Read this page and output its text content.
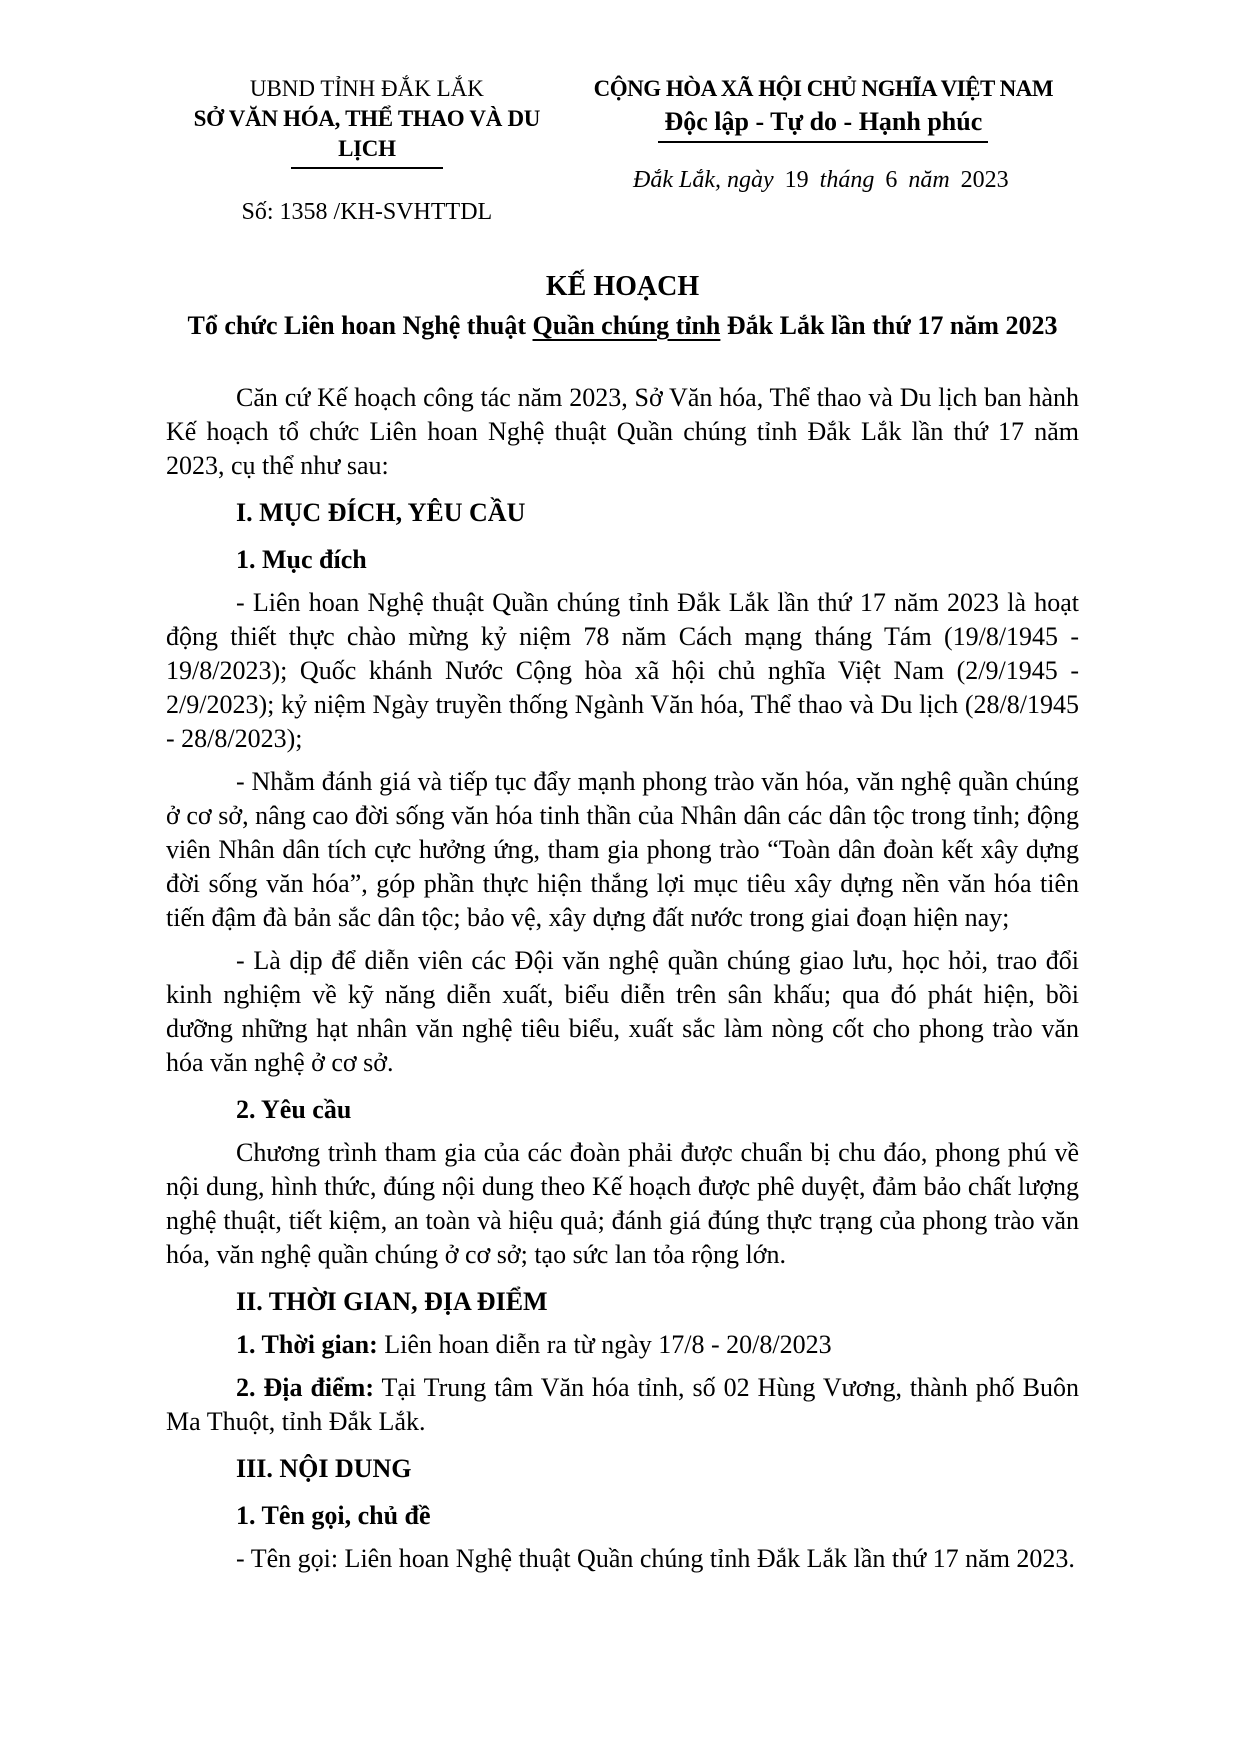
UBND TỈNH ĐẮK LẮK
SỞ VĂN HÓA, THỂ THAO VÀ DU LỊCH
Số: 1358 /KH-SVHTTDL
CỘNG HÒA XÃ HỘI CHỦ NGHĨA VIỆT NAM
Độc lập - Tự do - Hạnh phúc
Đắk Lắk, ngày 19 tháng 6 năm 2023
KẾ HOẠCH
Tổ chức Liên hoan Nghệ thuật Quần chúng tỉnh Đắk Lắk lần thứ 17 năm 2023

Căn cứ Kế hoạch công tác năm 2023, Sở Văn hóa, Thể thao và Du lịch ban hành Kế hoạch tổ chức Liên hoan Nghệ thuật Quần chúng tỉnh Đắk Lắk lần thứ 17 năm 2023, cụ thể như sau:

I. MỤC ĐÍCH, YÊU CẦU
1. Mục đích

- Liên hoan Nghệ thuật Quần chúng tỉnh Đắk Lắk lần thứ 17 năm 2023 là hoạt động thiết thực chào mừng kỷ niệm 78 năm Cách mạng tháng Tám (19/8/1945 - 19/8/2023); Quốc khánh Nước Cộng hòa xã hội chủ nghĩa Việt Nam (2/9/1945 - 2/9/2023); kỷ niệm Ngày truyền thống Ngành Văn hóa, Thể thao và Du lịch (28/8/1945 - 28/8/2023);

- Nhằm đánh giá và tiếp tục đẩy mạnh phong trào văn hóa, văn nghệ quần chúng ở cơ sở, nâng cao đời sống văn hóa tinh thần của Nhân dân các dân tộc trong tỉnh; động viên Nhân dân tích cực hưởng ứng, tham gia phong trào “Toàn dân đoàn kết xây dựng đời sống văn hóa”, góp phần thực hiện thắng lợi mục tiêu xây dựng nền văn hóa tiên tiến đậm đà bản sắc dân tộc; bảo vệ, xây dựng đất nước trong giai đoạn hiện nay;

- Là dịp để diễn viên các Đội văn nghệ quần chúng giao lưu, học hỏi, trao đổi kinh nghiệm về kỹ năng diễn xuất, biểu diễn trên sân khấu; qua đó phát hiện, bồi dưỡng những hạt nhân văn nghệ tiêu biểu, xuất sắc làm nòng cốt cho phong trào văn hóa văn nghệ ở cơ sở.

2. Yêu cầu

Chương trình tham gia của các đoàn phải được chuẩn bị chu đáo, phong phú về nội dung, hình thức, đúng nội dung theo Kế hoạch được phê duyệt, đảm bảo chất lượng nghệ thuật, tiết kiệm, an toàn và hiệu quả; đánh giá đúng thực trạng của phong trào văn hóa, văn nghệ quần chúng ở cơ sở; tạo sức lan tỏa rộng lớn.

II. THỜI GIAN, ĐỊA ĐIỂM

1. Thời gian: Liên hoan diễn ra từ ngày 17/8 - 20/8/2023

2. Địa điểm: Tại Trung tâm Văn hóa tỉnh, số 02 Hùng Vương, thành phố Buôn Ma Thuột, tỉnh Đắk Lắk.

III. NỘI DUNG
1. Tên gọi, chủ đề

- Tên gọi: Liên hoan Nghệ thuật Quần chúng tỉnh Đắk Lắk lần thứ 17 năm 2023.
